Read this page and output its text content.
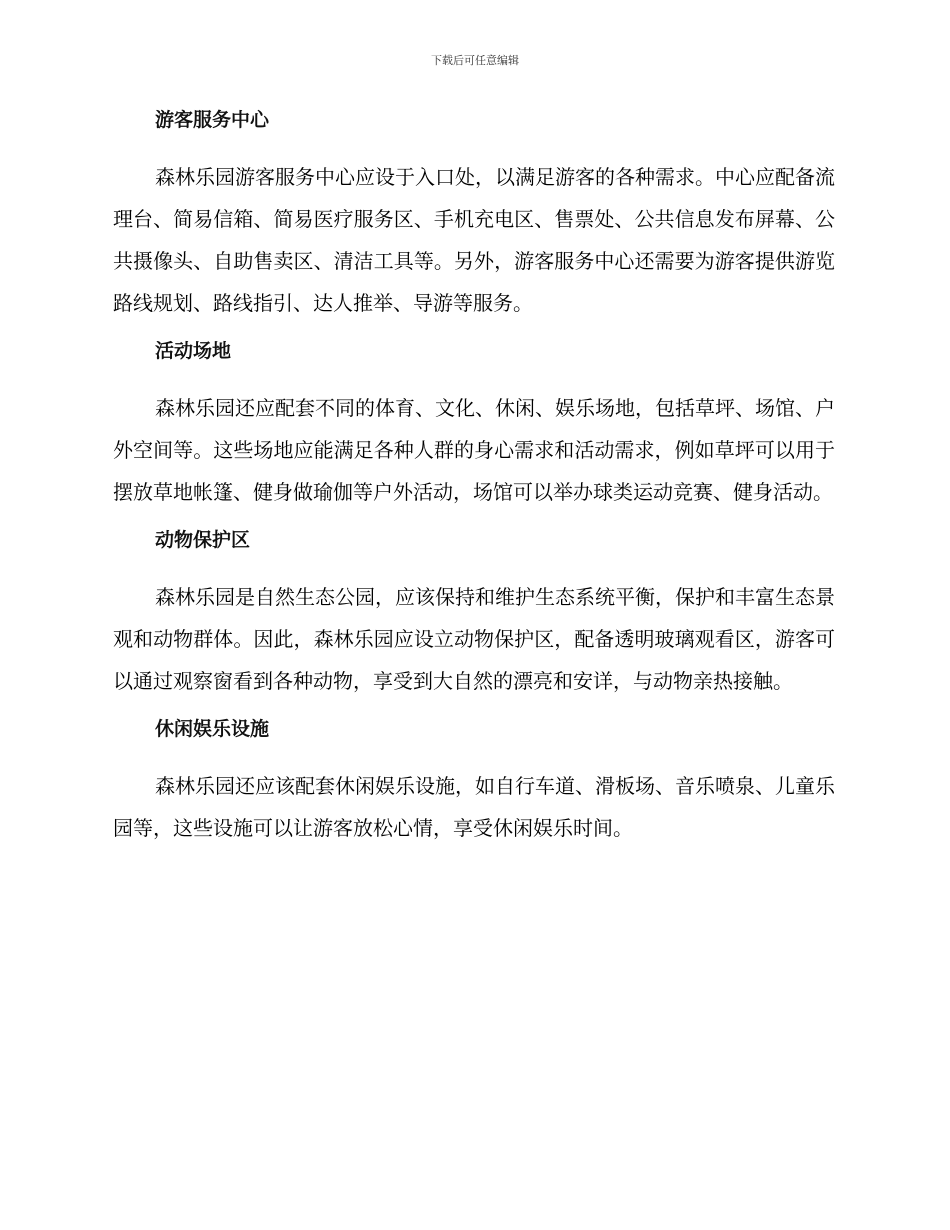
下载后可任意编辑
游客服务中心

森林乐园游客服务中心应设于入口处，以满足游客的各种需求。中心应配备流理台、简易信箱、简易医疗服务区、手机充电区、售票处、公共信息发布屏幕、公共摄像头、自助售卖区、清洁工具等。另外，游客服务中心还需要为游客提供游览路线规划、路线指引、达人推举、导游等服务。

活动场地

森林乐园还应配套不同的体育、文化、休闲、娱乐场地，包括草坪、场馆、户外空间等。这些场地应能满足各种人群的身心需求和活动需求，例如草坪可以用于摆放草地帐篷、健身做瑜伽等户外活动，场馆可以举办球类运动竞赛、健身活动。

动物保护区

森林乐园是自然生态公园，应该保持和维护生态系统平衡，保护和丰富生态景观和动物群体。因此，森林乐园应设立动物保护区，配备透明玻璃观看区，游客可以通过观察窗看到各种动物，享受到大自然的漂亮和安详，与动物亲热接触。

休闲娱乐设施

森林乐园还应该配套休闲娱乐设施，如自行车道、滑板场、音乐喷泉、儿童乐园等，这些设施可以让游客放松心情，享受休闲娱乐时间。
